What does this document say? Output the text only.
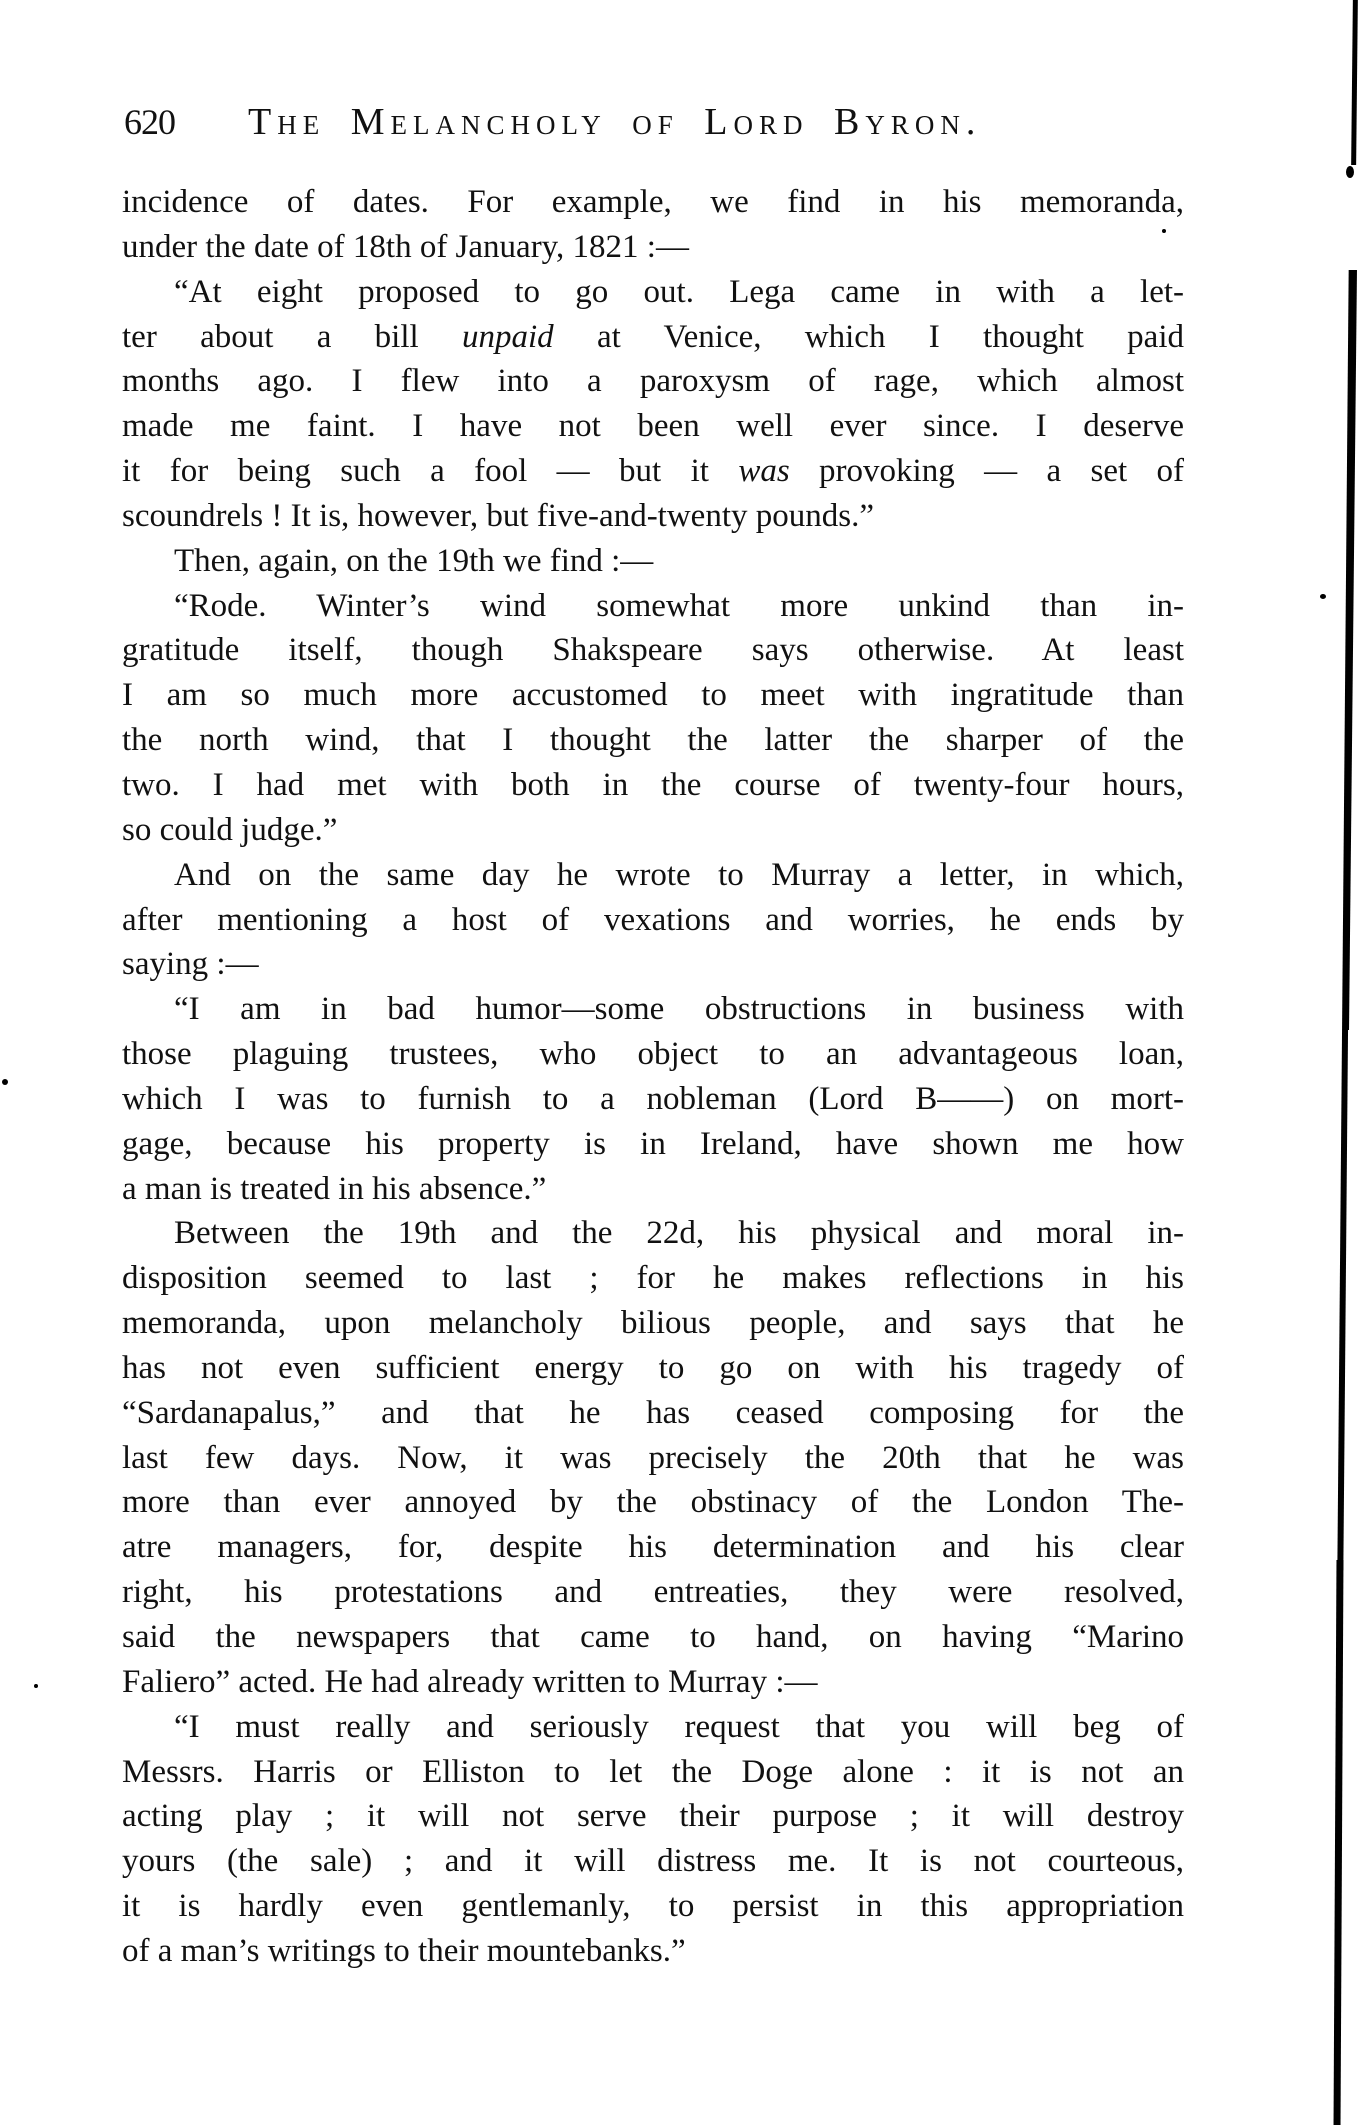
620 The Melancholy of Lord Byron.
incidence of dates. For example, we find in his memoranda,
under the date of 18th of January, 1821 :—
“At eight proposed to go out. Lega came in with a let-
ter about a bill unpaid at Venice, which I thought paid
months ago. I flew into a paroxysm of rage, which almost
made me faint. I have not been well ever since. I deserve
it for being such a fool — but it was provoking — a set of
scoundrels ! It is, however, but five-and-twenty pounds.”
Then, again, on the 19th we find :—
“Rode. Winter’s wind somewhat more unkind than in-
gratitude itself, though Shakspeare says otherwise. At least
I am so much more accustomed to meet with ingratitude than
the north wind, that I thought the latter the sharper of the
two. I had met with both in the course of twenty-four hours,
so could judge.”
And on the same day he wrote to Murray a letter, in which,
after mentioning a host of vexations and worries, he ends by
saying :—
“I am in bad humor—some obstructions in business with
those plaguing trustees, who object to an advantageous loan,
which I was to furnish to a nobleman (Lord B——) on mort-
gage, because his property is in Ireland, have shown me how
a man is treated in his absence.”
Between the 19th and the 22d, his physical and moral in-
disposition seemed to last ; for he makes reflections in his
memoranda, upon melancholy bilious people, and says that he
has not even sufficient energy to go on with his tragedy of
“Sardanapalus,” and that he has ceased composing for the
last few days. Now, it was precisely the 20th that he was
more than ever annoyed by the obstinacy of the London The-
atre managers, for, despite his determination and his clear
right, his protestations and entreaties, they were resolved,
said the newspapers that came to hand, on having “Marino
Faliero” acted. He had already written to Murray :—
“I must really and seriously request that you will beg of
Messrs. Harris or Elliston to let the Doge alone : it is not an
acting play ; it will not serve their purpose ; it will destroy
yours (the sale) ; and it will distress me. It is not courteous,
it is hardly even gentlemanly, to persist in this appropriation
of a man’s writings to their mountebanks.”
